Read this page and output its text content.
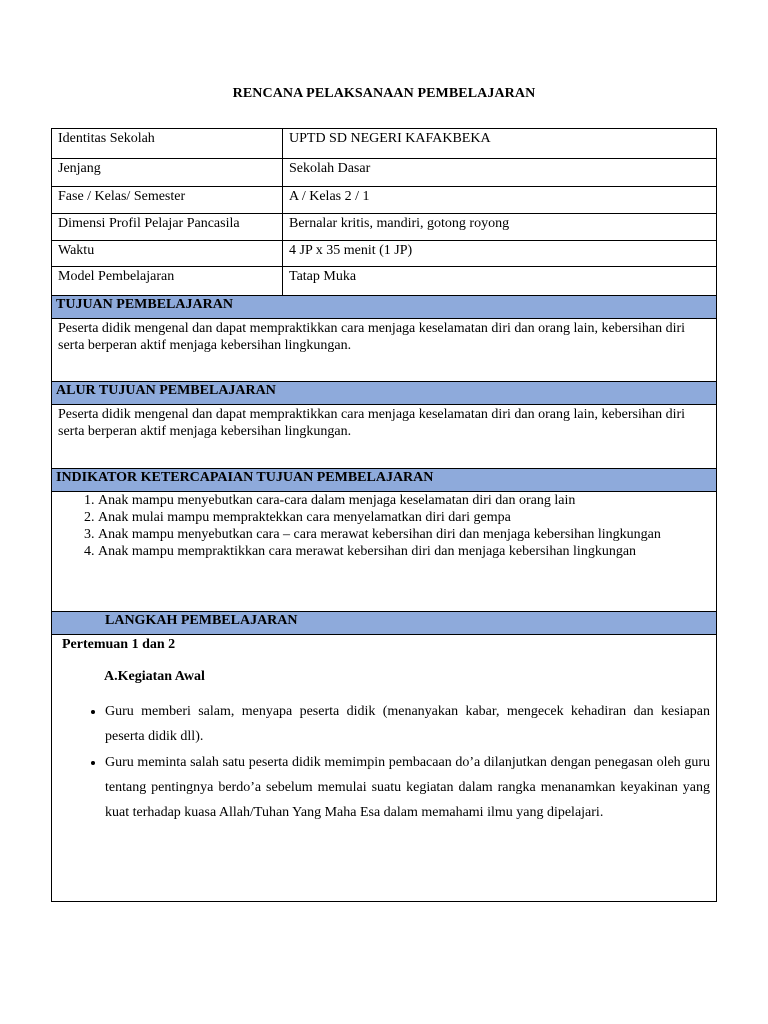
RENCANA PELAKSANAAN PEMBELAJARAN
Identitas Sekolah	UPTD SD NEGERI KAFAKBEKA
Jenjang	Sekolah Dasar
Fase / Kelas/ Semester	A / Kelas 2 / 1
Dimensi Profil Pelajar Pancasila	Bernalar kritis, mandiri, gotong royong
Waktu	4 JP x 35 menit (1 JP)
Model Pembelajaran	Tatap Muka
TUJUAN PEMBELAJARAN
Peserta didik mengenal dan dapat mempraktikkan cara menjaga keselamatan diri dan orang lain, kebersihan diri serta berperan aktif menjaga kebersihan lingkungan.
ALUR TUJUAN PEMBELAJARAN
Peserta didik mengenal dan dapat mempraktikkan cara menjaga keselamatan diri dan orang lain, kebersihan diri serta berperan aktif menjaga kebersihan lingkungan.
INDIKATOR KETERCAPAIAN TUJUAN PEMBELAJARAN
1. Anak mampu menyebutkan cara-cara dalam menjaga keselamatan diri dan orang lain
2. Anak mulai mampu mempraktekkan cara menyelamatkan diri dari gempa
3. Anak mampu menyebutkan cara – cara merawat kebersihan diri dan menjaga kebersihan lingkungan
4. Anak mampu mempraktikkan cara merawat kebersihan diri dan menjaga kebersihan lingkungan
LANGKAH PEMBELAJARAN
Pertemuan 1 dan 2
A.Kegiatan Awal
• Guru memberi salam, menyapa peserta didik (menanyakan kabar, mengecek kehadiran dan kesiapan peserta didik dll).
• Guru meminta salah satu peserta didik memimpin pembacaan do’a dilanjutkan dengan penegasan oleh guru tentang pentingnya berdo’a sebelum memulai suatu kegiatan dalam rangka menanamkan keyakinan yang kuat terhadap kuasa Allah/Tuhan Yang Maha Esa dalam memahami ilmu yang dipelajari.
